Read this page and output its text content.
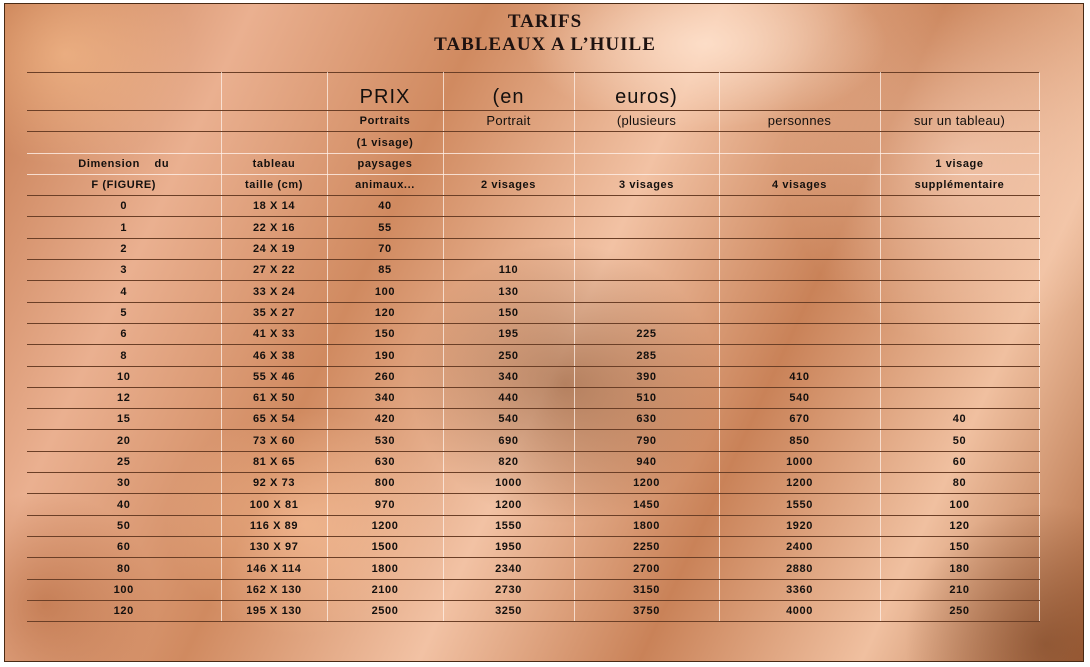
TARIFS
TABLEAUX A L’HUILE
		PRIX	(en	euros)		
		Portraits	Portrait	(plusieurs	personnes	sur un tableau)
		(1 visage)				
Dimension    du	tableau	paysages				1 visage
F (FIGURE)	taille (cm)	animaux...	2 visages	3 visages	4 visages	supplémentaire
0	18 X 14	40				
1	22 X 16	55				
2	24 X 19	70				
3	27 X 22	85	110			
4	33 X 24	100	130			
5	35 X 27	120	150			
6	41 X 33	150	195	225		
8	46 X 38	190	250	285		
10	55 X 46	260	340	390	410	
12	61 X 50	340	440	510	540	
15	65 X 54	420	540	630	670	40
20	73 X 60	530	690	790	850	50
25	81 X 65	630	820	940	1000	60
30	92 X 73	800	1000	1200	1200	80
40	100 X 81	970	1200	1450	1550	100
50	116 X 89	1200	1550	1800	1920	120
60	130 X 97	1500	1950	2250	2400	150
80	146 X 114	1800	2340	2700	2880	180
100	162 X 130	2100	2730	3150	3360	210
120	195 X 130	2500	3250	3750	4000	250
